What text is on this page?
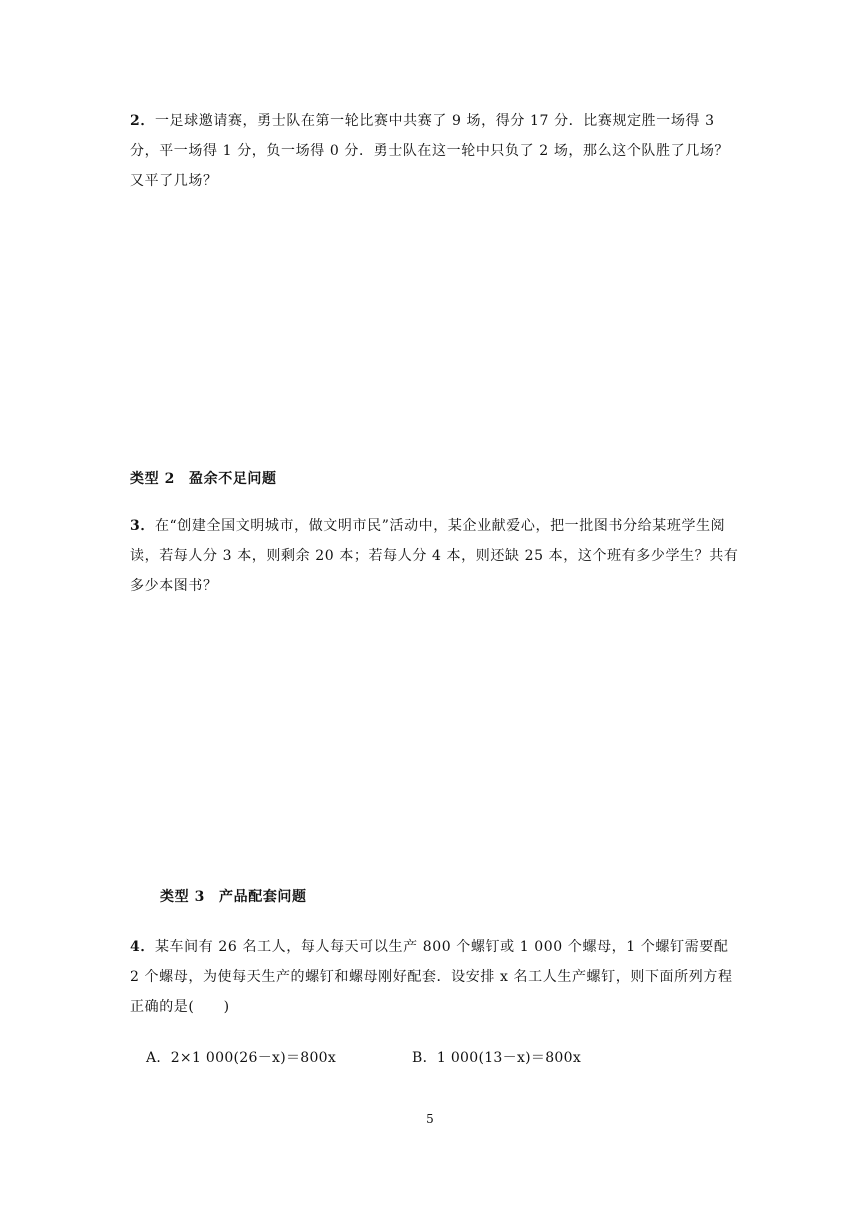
2．一足球邀请赛，勇士队在第一轮比赛中共赛了 9 场，得分 17 分．比赛规定胜一场得 3 分，平一场得 1 分，负一场得 0 分．勇士队在这一轮中只负了 2 场，那么这个队胜了几场？又平了几场？

类型 2 盈余不足问题

3．在“创建全国文明城市，做文明市民”活动中，某企业献爱心，把一批图书分给某班学生阅读，若每人分 3 本，则剩余 20 本；若每人分 4 本，则还缺 25 本，这个班有多少学生？共有多少本图书？

类型 3 产品配套问题

4．某车间有 26 名工人，每人每天可以生产 800 个螺钉或 1 000 个螺母，1 个螺钉需要配 2 个螺母，为使每天生产的螺钉和螺母刚好配套．设安排 x 名工人生产螺钉，则下面所列方程正确的是(　　)

A．2×1 000(26－x)＝800x	B．1 000(13－x)＝800x
5
